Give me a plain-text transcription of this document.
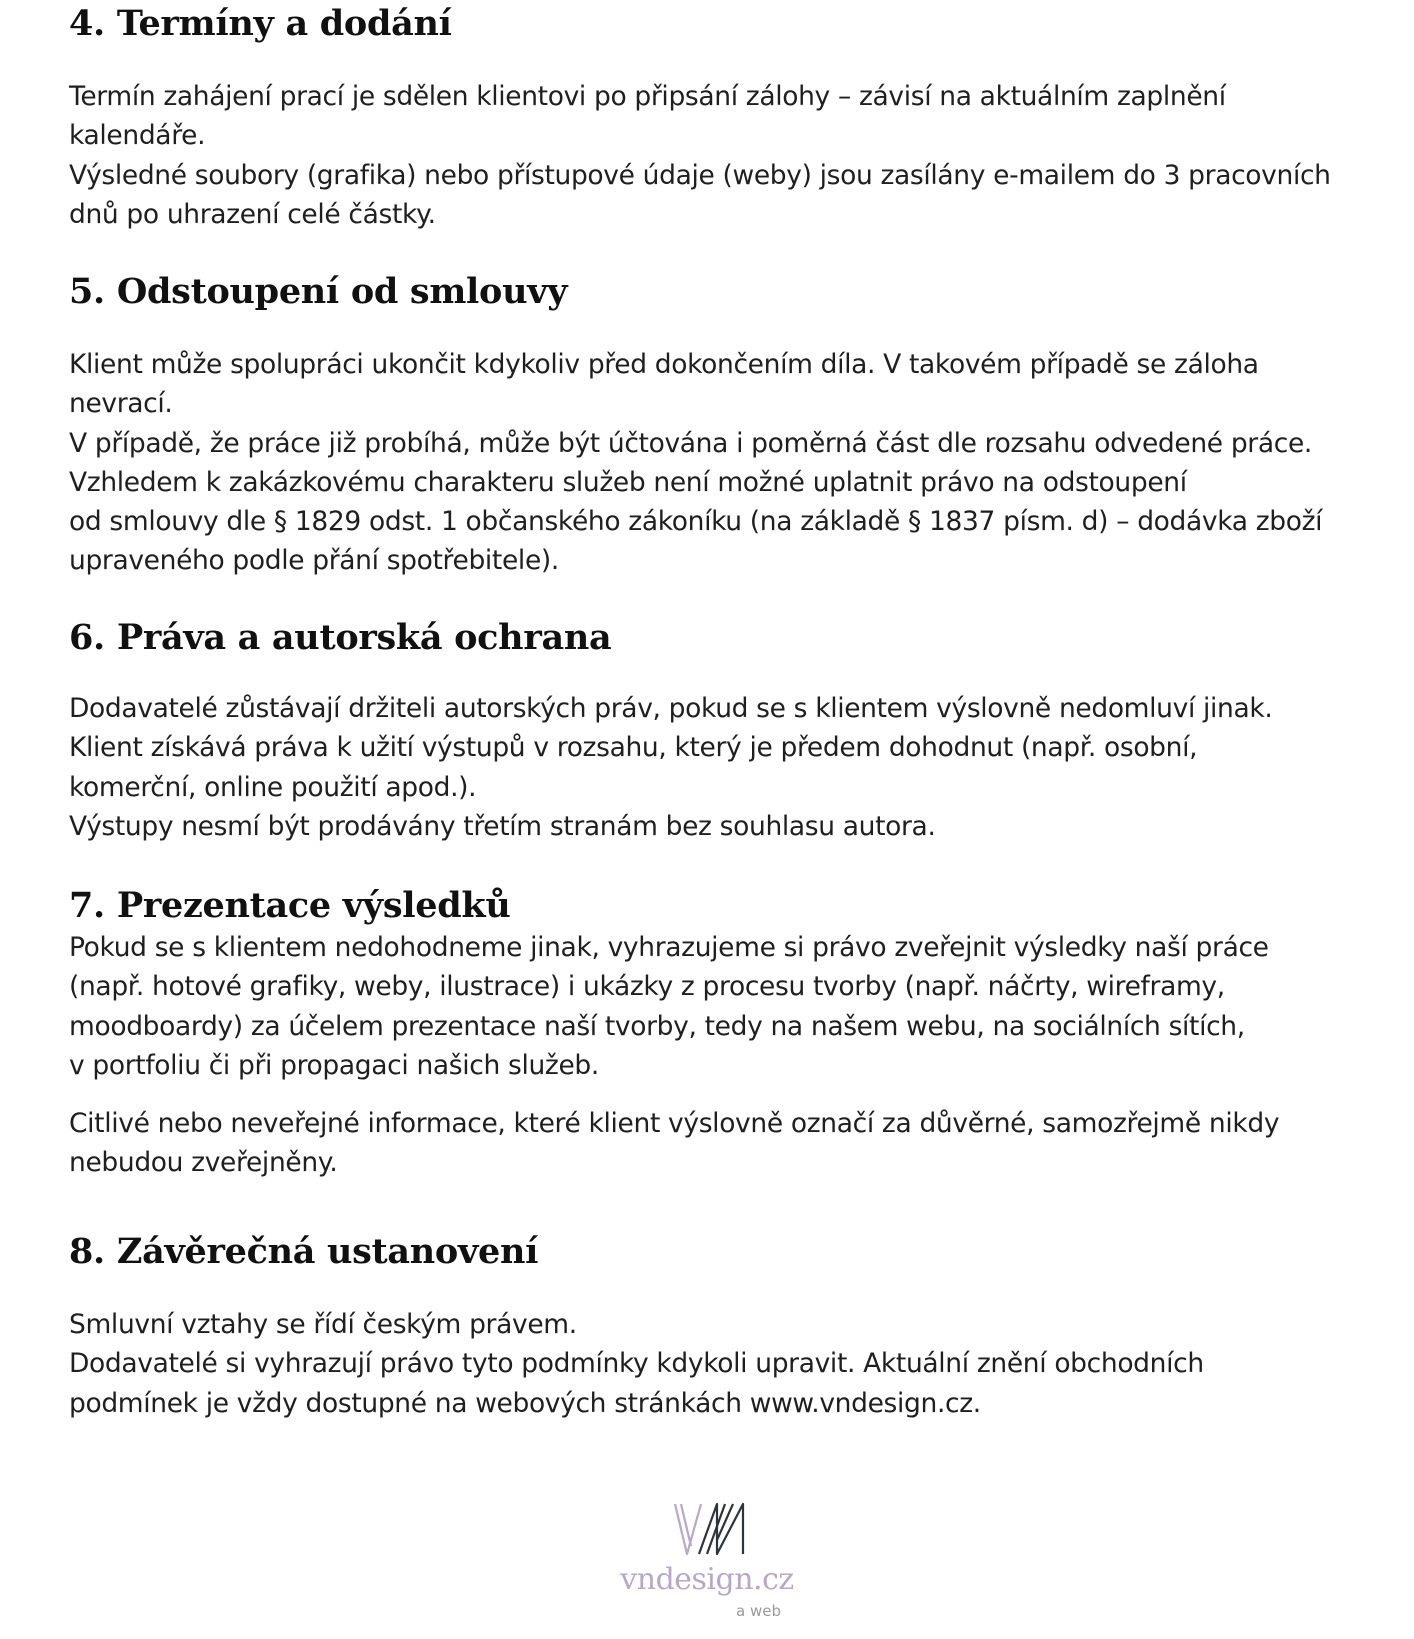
4. Termíny a dodání

Termín zahájení prací je sdělen klientovi po připsání zálohy – závisí na aktuálním zaplnění
kalendáře.
Výsledné soubory (grafika) nebo přístupové údaje (weby) jsou zasílány e-mailem do 3 pracovních
dnů po uhrazení celé částky.

5. Odstoupení od smlouvy

Klient může spolupráci ukončit kdykoliv před dokončením díla. V takovém případě se záloha
nevrací.
V případě, že práce již probíhá, může být účtována i poměrná část dle rozsahu odvedené práce.
Vzhledem k zakázkovému charakteru služeb není možné uplatnit právo na odstoupení
od smlouvy dle § 1829 odst. 1 občanského zákoníku (na základě § 1837 písm. d) – dodávka zboží
upraveného podle přání spotřebitele).

6. Práva a autorská ochrana

Dodavatelé zůstávají držiteli autorských práv, pokud se s klientem výslovně nedomluví jinak.
Klient získává práva k užití výstupů v rozsahu, který je předem dohodnut (např. osobní,
komerční, online použití apod.).
Výstupy nesmí být prodávány třetím stranám bez souhlasu autora.

7. Prezentace výsledků

Pokud se s klientem nedohodneme jinak, vyhrazujeme si právo zveřejnit výsledky naší práce
(např. hotové grafiky, weby, ilustrace) i ukázky z procesu tvorby (např. náčrty, wireframy,
moodboardy) za účelem prezentace naší tvorby, tedy na našem webu, na sociálních sítích,
v portfoliu či při propagaci našich služeb.

Citlivé nebo neveřejné informace, které klient výslovně označí za důvěrné, samozřejmě nikdy
nebudou zveřejněny.

8. Závěrečná ustanovení

Smluvní vztahy se řídí českým právem.
Dodavatelé si vyhrazují právo tyto podmínky kdykoli upravit. Aktuální znění obchodních
podmínek je vždy dostupné na webových stránkách www.vndesign.cz.

vndesign.cz
a web
